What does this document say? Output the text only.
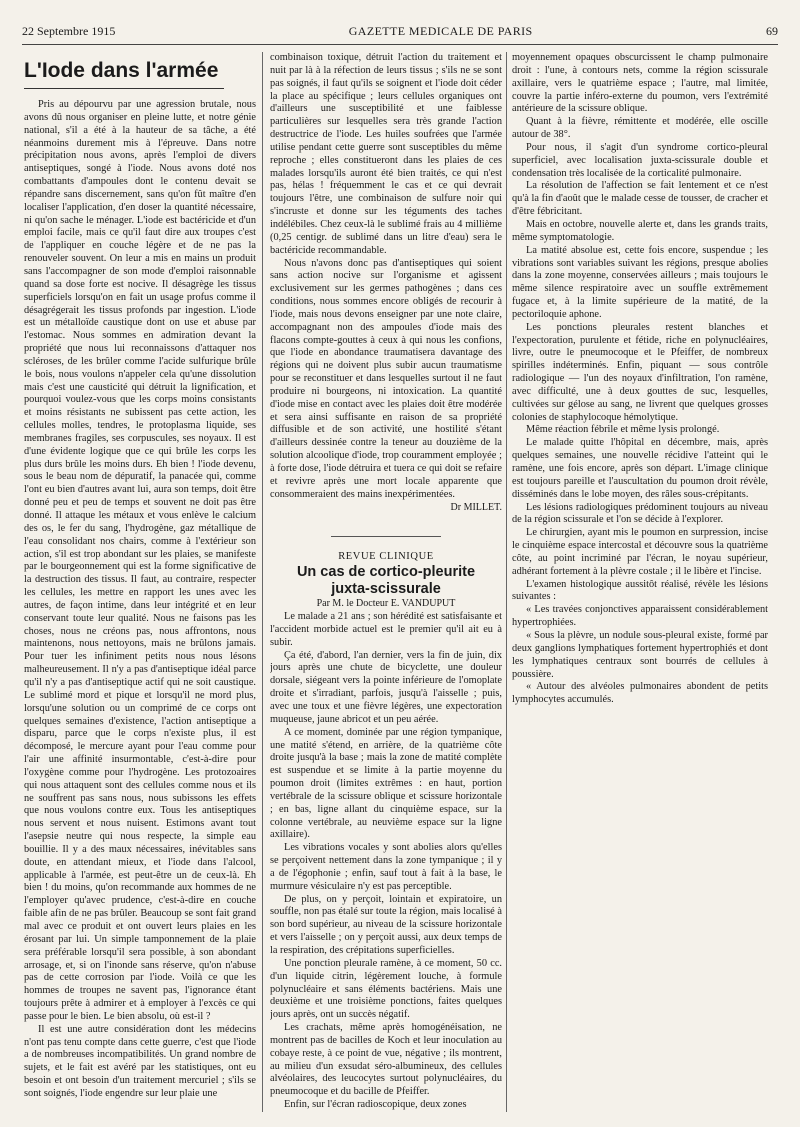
22 Septembre 1915	GAZETTE MEDICALE DE PARIS	69
L'Iode dans l'armée

Pris au dépourvu par une agression brutale, nous avons dû nous organiser en pleine lutte, et notre génie national, s'il a été à la hauteur de sa tâche, a été néanmoins durement mis à l'épreuve. Dans notre précipitation nous avons, après l'emploi de divers antiseptiques, songé à l'iode. Nous avons doté nos combattants d'ampoules dont le contenu devait se répandre sans discernement, sans qu'on fût maître d'en localiser l'application, d'en doser la quantité nécessaire, ni qu'on sache le ménager. L'iode est bactéricide et d'un emploi facile, mais ce qu'il faut dire aux troupes c'est de l'appliquer en couche légère et de ne pas la renouveler souvent. On leur a mis en mains un produit sans l'accompagner de son mode d'emploi raisonnable quand sa dose forte est nocive. Il désagrège les tissus superficiels lorsqu'on en fait un usage profus comme il désagrégerait les tissus profonds par ingestion. L'iode est un métalloïde caustique dont on use et abuse par l'estomac. Nous sommes en admiration devant la propriété que nous lui reconnaissons d'attaquer nos scléroses, de les brûler comme l'acide sulfurique brûle le bois, nous voulons n'appeler cela qu'une dissolution mais c'est une causticité qui détruit la lignification, et pourquoi voulez-vous que les corps moins consistants et moins résistants ne subissent pas cette action, les cellules molles, tendres, le protoplasma liquide, ses membranes fragiles, ses corpuscules, ses noyaux. Il est d'une évidente logique que ce qui brûle les corps les plus durs brûle les moins durs. Eh bien ! l'iode devenu, sous le beau nom de dépuratif, la panacée qui, comme l'ont eu bien d'autres avant lui, aura son temps, doit être donné peu et peu de temps et souvent ne doit pas être donné. Il attaque les métaux et vous enlève le calcium des os, le fer du sang, l'hydrogène, gaz métallique de l'eau consolidant nos chairs, comme à l'extérieur son action, s'il est trop abondant sur les plaies, se manifeste par le bourgeonnement qui est la forme significative de la destruction des tissus. Il faut, au contraire, respecter les cellules, les mettre en rapport les unes avec les autres, de façon intime, dans leur intégrité et en leur conservant toute leur qualité. Nous ne faisons pas les choses, nous ne créons pas, nous affrontons, nous maintenons, nous nettoyons, mais ne brûlons jamais. Pour tuer les infiniment petits nous nous lésons malheureusement. Il n'y a pas d'antiseptique idéal parce qu'il n'y a pas d'antiseptique actif qui ne soit caustique. Le sublimé mord et pique et lorsqu'il ne mord plus, lorsqu'une solution ou un comprimé de ce corps ont quelques semaines d'existence, l'action antiseptique a disparu, parce que le corps n'existe plus, il est décomposé, le mercure ayant pour l'eau comme pour l'air une affinité insurmontable, c'est-à-dire pour l'oxygène comme pour l'hydrogène. Les protozoaires qui nous attaquent sont des cellules comme nous et ils ne souffrent pas sans nous, nous subissons les effets que nous voulons contre eux. Tous les antiseptiques nous servent et nous nuisent. Estimons avant tout l'asepsie neutre qui nous respecte, la simple eau bouillie. Il y a des maux nécessaires, inévitables sans doute, en attendant mieux, et l'iode dans l'alcool, applicable à l'armée, est peut-être un de ceux-là. Eh bien ! du moins, qu'on recommande aux hommes de ne l'employer qu'avec prudence, c'est-à-dire en couche faible afin de ne pas brûler. Beaucoup se sont fait grand mal avec ce produit et ont ouvert leurs plaies en les érosant par lui. Un simple tamponnement de la plaie sera préférable lorsqu'il sera possible, à son abondant arrosage, et, si on l'inonde sans réserve, qu'on n'abuse pas de cette corrosion par l'iode. Voilà ce que les hommes de troupes ne savent pas, l'ignorance étant toujours prête à admirer et à employer à l'excès ce qui passe pour le bien. Le bien absolu, où est-il ?

Il est une autre considération dont les médecins n'ont pas tenu compte dans cette guerre, c'est que l'iode a de nombreuses incompatibilités. Un grand nombre de sujets, et le fait est avéré par les statistiques, ont eu besoin et ont besoin d'un traitement mercuriel ; s'ils se sont soignés, l'iode engendre sur leur plaie une

combinaison toxique, détruit l'action du traitement et nuit par là à la réfection de leurs tissus ; s'ils ne se sont pas soignés, il faut qu'ils se soignent et l'iode doit céder la place au spécifique ; leurs cellules organiques ont d'ailleurs une susceptibilité et une faiblesse particulières sur lesquelles sera très grande l'action destructrice de l'iode. Les huiles soufrées que l'armée utilise pendant cette guerre sont susceptibles du même reproche ; elles constitueront dans les plaies de ces malades lorsqu'ils auront été bien traités, ce qui n'est pas, hélas ! fréquemment le cas et ce qui devrait toujours l'être, une combinaison de sulfure noir qui s'incruste et donne sur les téguments des taches indélébiles. Chez ceux-là le sublimé frais au 4 millième (0,25 centigr. de sublimé dans un litre d'eau) sera le bactéricide recommandable.

Nous n'avons donc pas d'antiseptiques qui soient sans action nocive sur l'organisme et agissent exclusivement sur les germes pathogènes ; dans ces conditions, nous sommes encore obligés de recourir à l'iode, mais nous devons enseigner par une note claire, accompagnant non des ampoules d'iode mais des flacons compte-gouttes à ceux à qui nous les confions, que l'iode en abondance traumatisera davantage des régions qui ne doivent plus subir aucun traumatisme pour se reconstituer et dans lesquelles surtout il ne faut produire ni bourgeons, ni intoxication. La quantité d'iode mise en contact avec les plaies doit être modérée et sera ainsi suffisante en raison de sa propriété diffusible et de son activité, une hostilité s'étant d'ailleurs dessinée contre la teneur au douzième de la solution alcoolique d'iode, trop couramment employée ; à forte dose, l'iode détruira et tuera ce qui doit se refaire et revivre après une mort locale apparente que consommeraient des mains inexpérimentées.

Dr MILLET.

REVUE CLINIQUE

Un cas de cortico-pleurite

juxta-scissurale

Par M. le Docteur E. VANDUPUT

Le malade a 21 ans ; son hérédité est satisfaisante et l'accident morbide actuel est le premier qu'il ait eu à subir.

Ça été, d'abord, l'an dernier, vers la fin de juin, dix jours après une chute de bicyclette, une douleur dorsale, siégeant vers la pointe inférieure de l'omoplate droite et s'irradiant, parfois, jusqu'à l'aisselle ; puis, avec une toux et une fièvre légères, une expectoration muqueuse, jaune abricot et un peu aérée.

A ce moment, dominée par une région tympanique, une matité s'étend, en arrière, de la quatrième côte droite jusqu'à la base ; mais la zone de matité complète est suspendue et se limite à la partie moyenne du poumon droit (limites extrêmes : en haut, portion vertébrale de la scissure oblique et scissure horizontale ; en bas, ligne allant du cinquième espace, sur la colonne vertébrale, au neuvième espace sur la ligne axillaire).

Les vibrations vocales y sont abolies alors qu'elles se perçoivent nettement dans la zone tympanique ; il y a de l'égophonie ; enfin, sauf tout à fait à la base, le murmure vésiculaire n'y est pas perceptible.

De plus, on y perçoit, lointain et expiratoire, un souffle, non pas étalé sur toute la région, mais localisé à son bord supérieur, au niveau de la scissure horizontale et vers l'aisselle ; on y perçoit aussi, aux deux temps de la respiration, des crépitations superficielles.

Une ponction pleurale ramène, à ce moment, 50 cc. d'un liquide citrin, légèrement louche, à formule polynucléaire et sans éléments bactériens. Mais une deuxième et une troisième ponctions, faites quelques jours après, ont un succès négatif.

Les crachats, même après homogénéisation, ne montrent pas de bacilles de Koch et leur inoculation au cobaye reste, à ce point de vue, négative ; ils montrent, au milieu d'un exsudat séro-albumineux, des cellules alvéolaires, des leucocytes surtout polynucléaires, du pneumocoque et du bacille de Pfeiffer.

Enfin, sur l'écran radioscopique, deux zones

moyennement opaques obscurcissent le champ pulmonaire droit : l'une, à contours nets, comme la région scissurale axillaire, vers le quatrième espace ; l'autre, mal limitée, couvre la partie inféro-externe du poumon, vers l'extrémité antérieure de la scissure oblique.

Quant à la fièvre, rémittente et modérée, elle oscille autour de 38°.

Pour nous, il s'agit d'un syndrome cortico-pleural superficiel, avec localisation juxta-scissurale double et condensation très localisée de la corticalité pulmonaire.

La résolution de l'affection se fait lentement et ce n'est qu'à la fin d'août que le malade cesse de tousser, de cracher et d'être fébricitant.

Mais en octobre, nouvelle alerte et, dans les grands traits, même symptomatologie.

La matité absolue est, cette fois encore, suspendue ; les vibrations sont variables suivant les régions, presque abolies dans la zone moyenne, conservées ailleurs ; mais toujours le même silence respiratoire avec un souffle extrêmement fugace et, à la limite supérieure de la matité, de la pectoriloquie aphone.

Les ponctions pleurales restent blanches et l'expectoration, purulente et fétide, riche en polynucléaires, livre, outre le pneumocoque et le Pfeiffer, de nombreux spirilles indéterminés. Enfin, piquant — sous contrôle radiologique — l'un des noyaux d'infiltration, l'on ramène, avec difficulté, une à deux gouttes de suc, lesquelles, cultivées sur gélose au sang, ne livrent que quelques grosses colonies de staphylocoque hémolytique.

Même réaction fébrile et même lysis prolongé.

Le malade quitte l'hôpital en décembre, mais, après quelques semaines, une nouvelle récidive l'atteint qui le ramène, une fois encore, après son départ. L'image clinique est toujours pareille et l'auscultation du poumon droit révèle, disséminés dans le lobe moyen, des râles sous-crépitants.

Les lésions radiologiques prédominent toujours au niveau de la région scissurale et l'on se décide à l'explorer.

Le chirurgien, ayant mis le poumon en surpression, incise le cinquième espace intercostal et découvre sous la quatrième côte, au point incriminé par l'écran, le noyau supérieur, adhérant fortement à la plèvre costale ; il le libère et l'incise.

L'examen histologique aussitôt réalisé, révèle les lésions suivantes :

« Les travées conjonctives apparaissent considérablement hypertrophiées.

« Sous la plèvre, un nodule sous-pleural existe, formé par deux ganglions lymphatiques fortement hypertrophiés et dont les lymphatiques centraux sont bourrés de cellules à poussière.

« Autour des alvéoles pulmonaires abondent de petits lymphocytes accumulés.
